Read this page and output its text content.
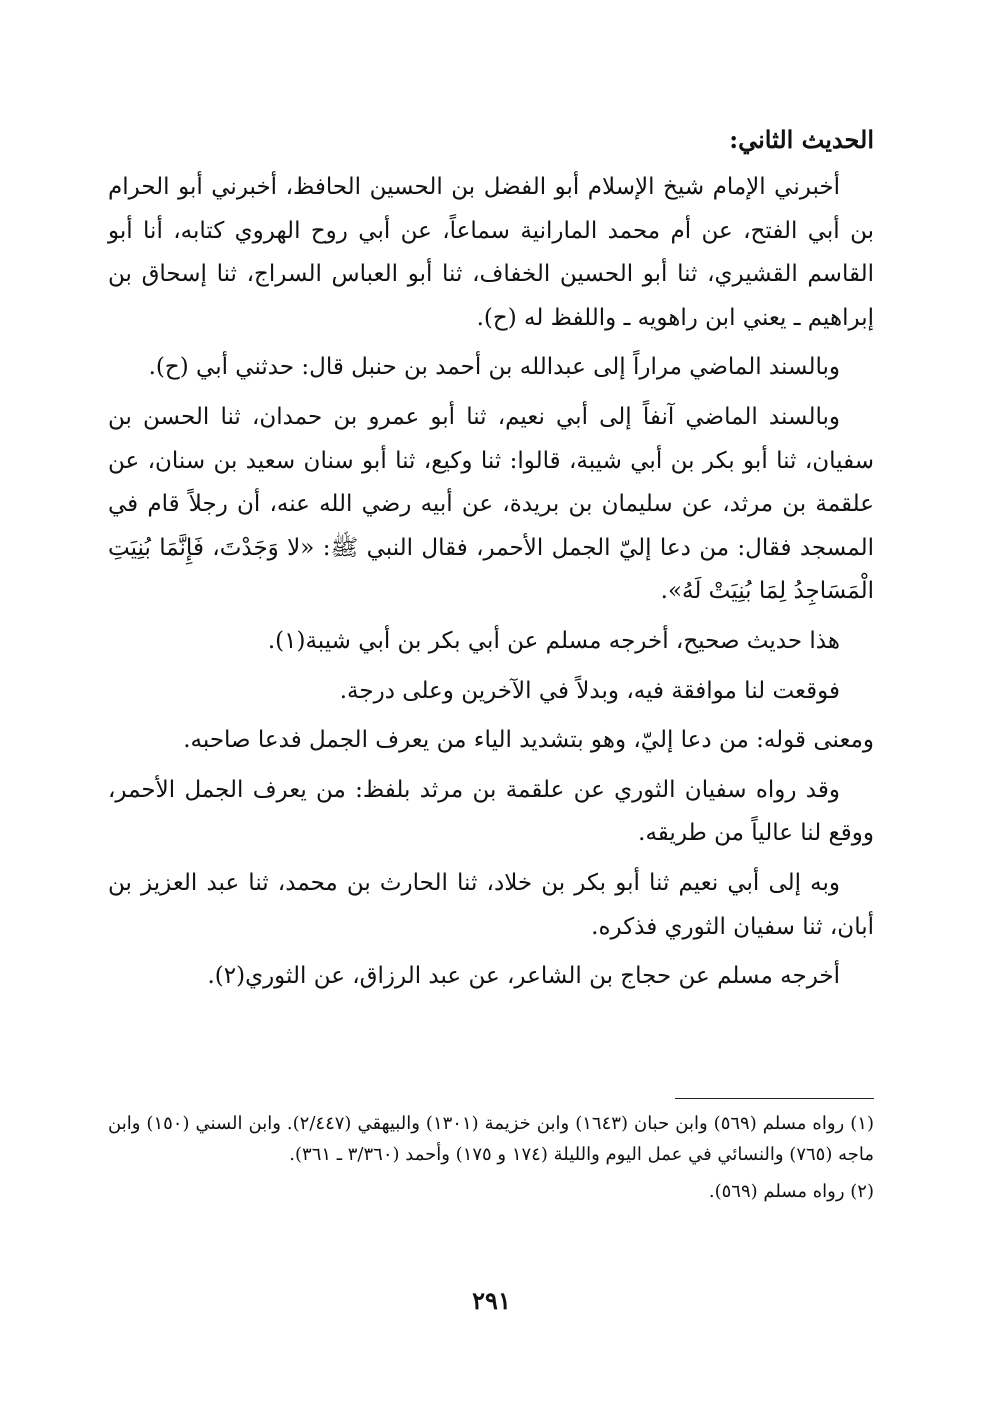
الحديث الثاني:

أخبرني الإمام شيخ الإسلام أبو الفضل بن الحسين الحافظ، أخبرني أبو الحرام بن أبي الفتح، عن أم محمد المارانية سماعاً، عن أبي روح الهروي كتابه، أنا أبو القاسم القشيري، ثنا أبو الحسين الخفاف، ثنا أبو العباس السراج، ثنا إسحاق بن إبراهيم ـ يعني ابن راهويه ـ واللفظ له (ح).

وبالسند الماضي مراراً إلى عبدالله بن أحمد بن حنبل قال: حدثني أبي (ح).

وبالسند الماضي آنفاً إلى أبي نعيم، ثنا أبو عمرو بن حمدان، ثنا الحسن بن سفيان، ثنا أبو بكر بن أبي شيبة، قالوا: ثنا وكيع، ثنا أبو سنان سعيد بن سنان، عن علقمة بن مرثد، عن سليمان بن بريدة، عن أبيه رضي الله عنه، أن رجلاً قام في المسجد فقال: من دعا إليّ الجمل الأحمر، فقال النبي ﷺ: «لا وَجَدْتَ، فَإِنَّمَا بُنِيَتِ الْمَسَاجِدُ لِمَا بُنِيَتْ لَهُ».

هذا حديث صحيح، أخرجه مسلم عن أبي بكر بن أبي شيبة(١).

فوقعت لنا موافقة فيه، وبدلاً في الآخرين وعلى درجة.

ومعنى قوله: من دعا إليّ، وهو بتشديد الياء من يعرف الجمل فدعا صاحبه.

وقد رواه سفيان الثوري عن علقمة بن مرثد بلفظ: من يعرف الجمل الأحمر، ووقع لنا عالياً من طريقه.

وبه إلى أبي نعيم ثنا أبو بكر بن خلاد، ثنا الحارث بن محمد، ثنا عبد العزيز بن أبان، ثنا سفيان الثوري فذكره.

أخرجه مسلم عن حجاج بن الشاعر، عن عبد الرزاق، عن الثوري(٢).

(١) رواه مسلم (٥٦٩) وابن حبان (١٦٤٣) وابن خزيمة (١٣٠١) والبيهقي (٢/٤٤٧). وابن السني (١٥٠) وابن ماجه (٧٦٥) والنسائي في عمل اليوم والليلة (١٧٤ و ١٧٥) وأحمد (٣/٣٦٠ ـ ٣٦١).

(٢) رواه مسلم (٥٦٩).

٢٩١
